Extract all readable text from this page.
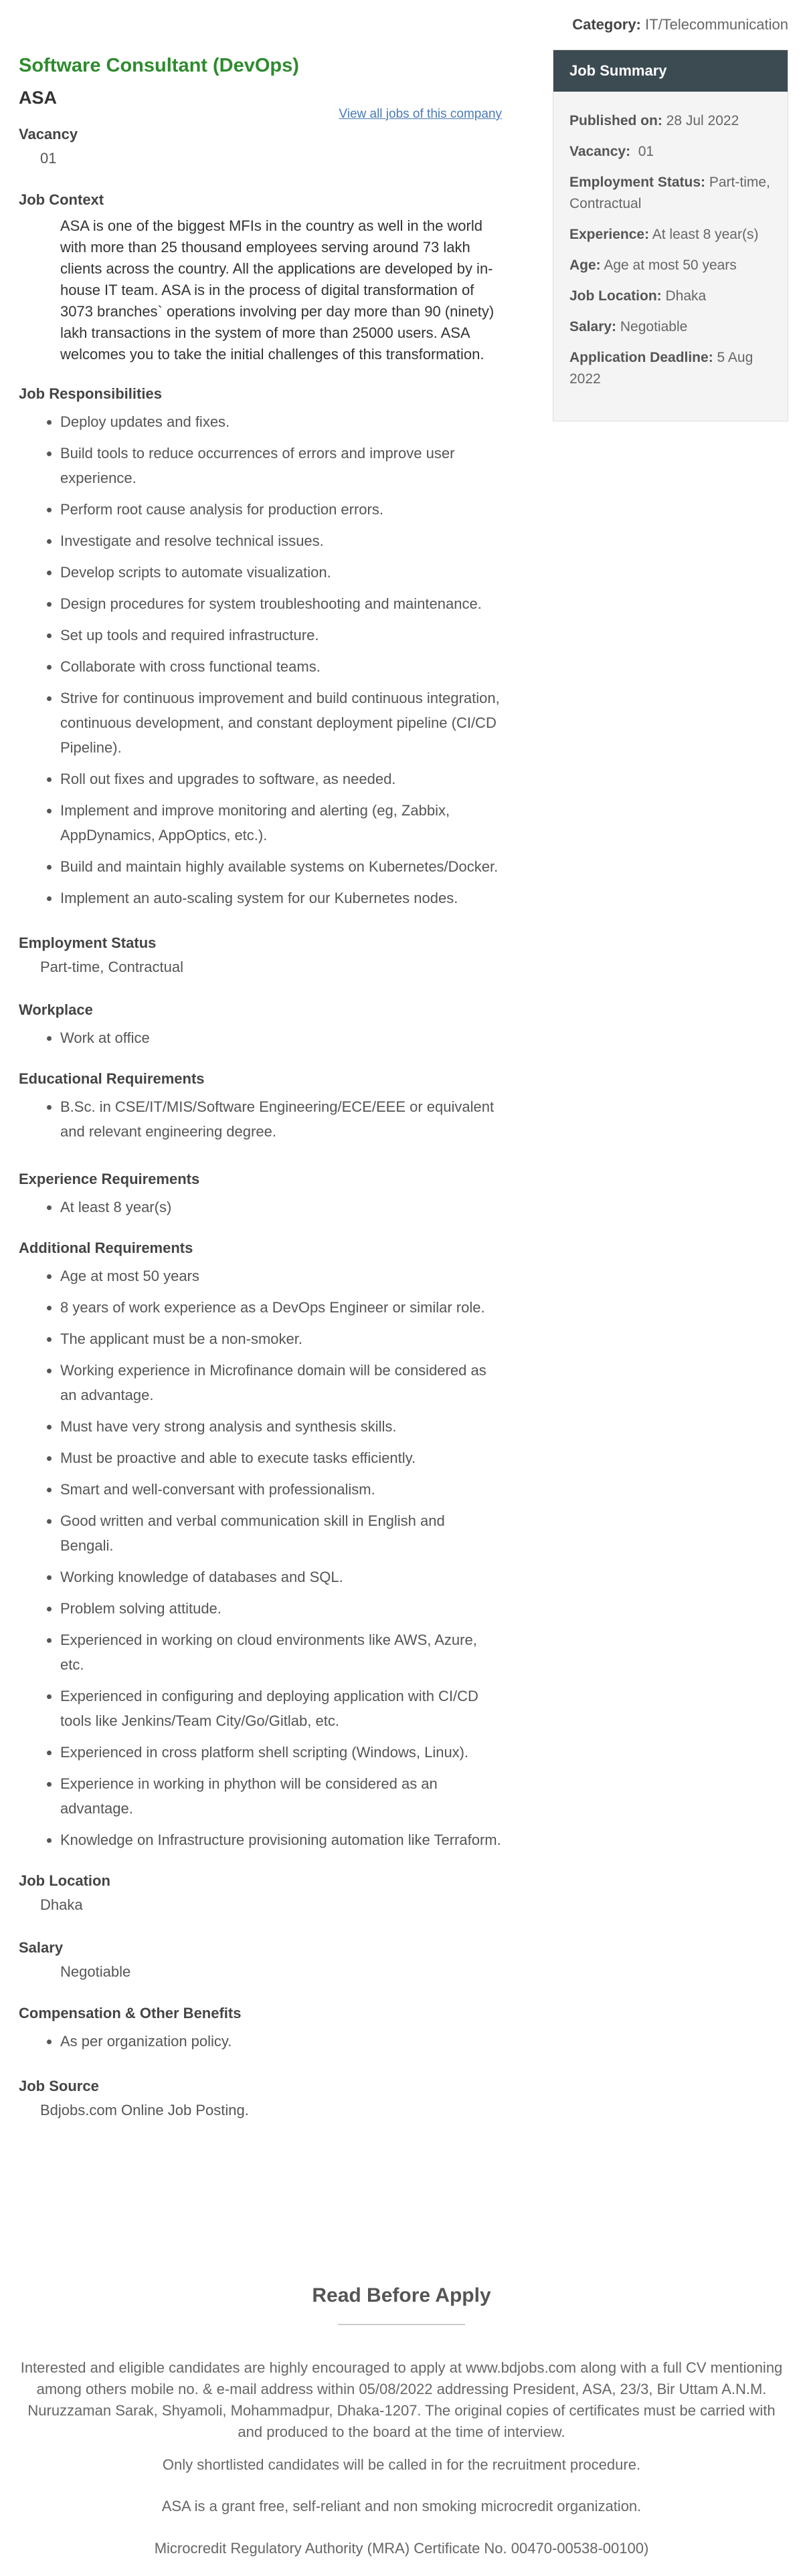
Category: IT/Telecommunication
Software Consultant (DevOps)
ASA
View all jobs of this company
Vacancy

01

Job Context

ASA is one of the biggest MFIs in the country as well in the world with more than 25 thousand employees serving around 73 lakh clients across the country. All the applications are developed by in-house IT team. ASA is in the process of digital transformation of 3073 branches` operations involving per day more than 90 (ninety) lakh transactions in the system of more than 25000 users. ASA welcomes you to take the initial challenges of this transformation.

Job Responsibilities
• Deploy updates and fixes.
• Build tools to reduce occurrences of errors and improve user experience.
• Perform root cause analysis for production errors.
• Investigate and resolve technical issues.
• Develop scripts to automate visualization.
• Design procedures for system troubleshooting and maintenance.
• Set up tools and required infrastructure.
• Collaborate with cross functional teams.
• Strive for continuous improvement and build continuous integration, continuous development, and constant deployment pipeline (CI/CD Pipeline).
• Roll out fixes and upgrades to software, as needed.
• Implement and improve monitoring and alerting (eg, Zabbix, AppDynamics, AppOptics, etc.).
• Build and maintain highly available systems on Kubernetes/Docker.
• Implement an auto-scaling system for our Kubernetes nodes.
Employment Status

Part-time, Contractual

Workplace
• Work at office
Educational Requirements
• B.Sc. in CSE/IT/MIS/Software Engineering/ECE/EEE or equivalent and relevant engineering degree.
Experience Requirements
• At least 8 year(s)
Additional Requirements
• Age at most 50 years
• 8 years of work experience as a DevOps Engineer or similar role.
• The applicant must be a non-smoker.
• Working experience in Microfinance domain will be considered as an advantage.
• Must have very strong analysis and synthesis skills.
• Must be proactive and able to execute tasks efficiently.
• Smart and well-conversant with professionalism.
• Good written and verbal communication skill in English and Bengali.
• Working knowledge of databases and SQL.
• Problem solving attitude.
• Experienced in working on cloud environments like AWS, Azure, etc.
• Experienced in configuring and deploying application with CI/CD tools like Jenkins/Team City/Go/Gitlab, etc.
• Experienced in cross platform shell scripting (Windows, Linux).
• Experience in working in phython will be considered as an advantage.
• Knowledge on Infrastructure provisioning automation like Terraform.
Job Location

Dhaka

Salary

Negotiable

Compensation & Other Benefits
• As per organization policy.
Job Source

Bdjobs.com Online Job Posting.

Job Summary
Published on: 28 Jul 2022
Vacancy: 01
Employment Status: Part-time, Contractual
Experience: At least 8 year(s)
Age: Age at most 50 years
Job Location: Dhaka
Salary: Negotiable
Application Deadline: 5 Aug 2022
Read Before Apply

Interested and eligible candidates are highly encouraged to apply at www.bdjobs.com along with a full CV mentioning among others mobile no. & e-mail address within 05/08/2022 addressing President, ASA, 23/3, Bir Uttam A.N.M. Nuruzzaman Sarak, Shyamoli, Mohammadpur, Dhaka-1207. The original copies of certificates must be carried with and produced to the board at the time of interview.

Only shortlisted candidates will be called in for the recruitment procedure.

ASA is a grant free, self-reliant and non smoking microcredit organization.

Microcredit Regulatory Authority (MRA) Certificate No. 00470-00538-00100)
